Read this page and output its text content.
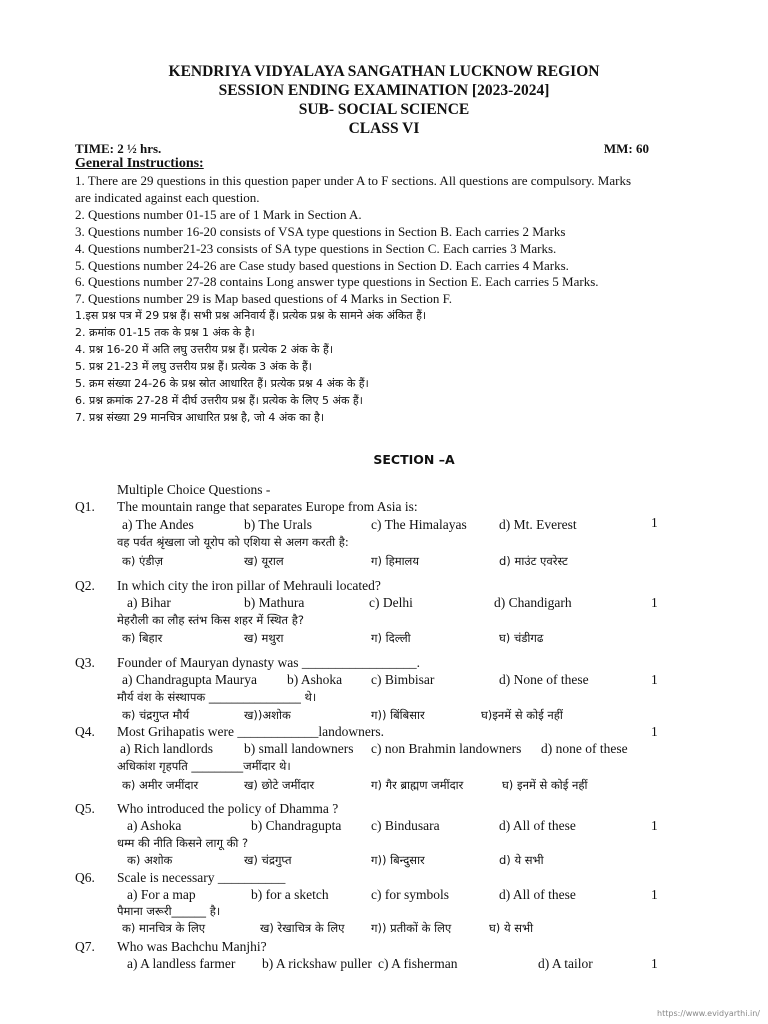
KENDRIYA VIDYALAYA SANGATHAN LUCKNOW REGION
SESSION ENDING EXAMINATION [2023-2024]
SUB- SOCIAL SCIENCE
CLASS VI
TIME: 2 ½ hrs.	MM: 60
General Instructions:
1. There are 29 questions in this question paper under A to F sections. All questions are compulsory. Marks
are indicated against each question.
2. Questions number 01-15 are of 1 Mark in Section A.
3. Questions number 16-20 consists of VSA type questions in Section B. Each carries 2 Marks
4. Questions number21-23 consists of SA type questions in Section C. Each carries 3 Marks.
5. Questions number 24-26 are Case study based questions in Section D. Each carries 4 Marks.
6. Questions number 27-28 contains Long answer type questions in Section E. Each carries 5 Marks.
7. Questions number 29 is Map based questions of 4 Marks in Section F.
1.इस प्रश्न पत्र में 29 प्रश्न हैं। सभी प्रश्न अनिवार्य हैं। प्रत्येक प्रश्न के सामने अंक अंकित हैं।
2. क्रमांक 01-15 तक के प्रश्न 1 अंक के है।
4. प्रश्न 16-20 में अति लघु उत्तरीय प्रश्न हैं। प्रत्येक 2 अंक के हैं।
5. प्रश्न 21-23 में लघु उत्तरीय प्रश्न हैं। प्रत्येक 3 अंक के हैं।
5. क्रम संख्या 24-26 के प्रश्न स्रोत आधारित हैं। प्रत्येक प्रश्न 4 अंक के हैं।
6. प्रश्न क्रमांक 27-28 में दीर्घ उत्तरीय प्रश्न हैं। प्रत्येक के लिए 5 अंक हैं।
7. प्रश्न संख्या 29 मानचित्र आधारित प्रश्न है, जो 4 अंक का है।
SECTION –A
Multiple Choice Questions -
Q1. The mountain range that separates Europe from Asia is:
1
a) The Andes	b) The Urals	c) The Himalayas d) Mt. Everest
वह पर्वत श्रृंखला जो यूरोप को एशिया से अलग करती है:
क) एंडीज़	ख) यूराल	ग) हिमालय	d) माउंट एवरेस्ट
Q2. In which city the iron pillar of Mehrauli located?
1
a) Bihar	b) Mathura	c) Delhi	d) Chandigarh
मेहरौली का लौह स्तंभ किस शहर में स्थित है?
क) बिहार	ख) मथुरा	ग) दिल्ली	घ) चंडीगढ
Q3. Founder of Mauryan dynasty was _________________.
1
a) Chandragupta Maurya b) Ashoka c) Bimbisar	d) None of these
मौर्य वंश के संस्थापक ________________ थे।
क) चंद्रगुप्त मौर्य	ख))अशोक	ग)) बिंबिसार	घ)इनमें से कोई नहीं
Q4. Most Grihapatis were ____________landowners.	1
a) Rich landlords b) small landowners c) non Brahmin landowners d) none of these
अधिकांश गृहपति _________जमींदार थे।
क) अमीर जमींदार	ख) छोटे जमींदार	ग) गैर ब्राह्मण जमींदार	घ) इनमें से कोई नहीं
Q5. Who introduced the policy of Dhamma ?
1
a) Ashoka	b) Chandragupta c) Bindusara	d) All of these
धम्म की नीति किसने लागू की ?
क) अशोक	ख) चंद्रगुप्त	ग)) बिन्दुसार	d) ये सभी
Q6. Scale is necessary __________
1
a) For a map	b) for a sketch	c) for symbols	d) All of these
पैमाना जरूरी______ है।
क) मानचित्र के लिए	ख) रेखाचित्र के लिए ग)) प्रतीकों के लिए	घ) ये सभी
Q7. Who was Bachchu Manjhi?
1
a) A landless farmer b) A rickshaw puller c) A fisherman	d) A tailor
https://www.evidyarthi.in/
